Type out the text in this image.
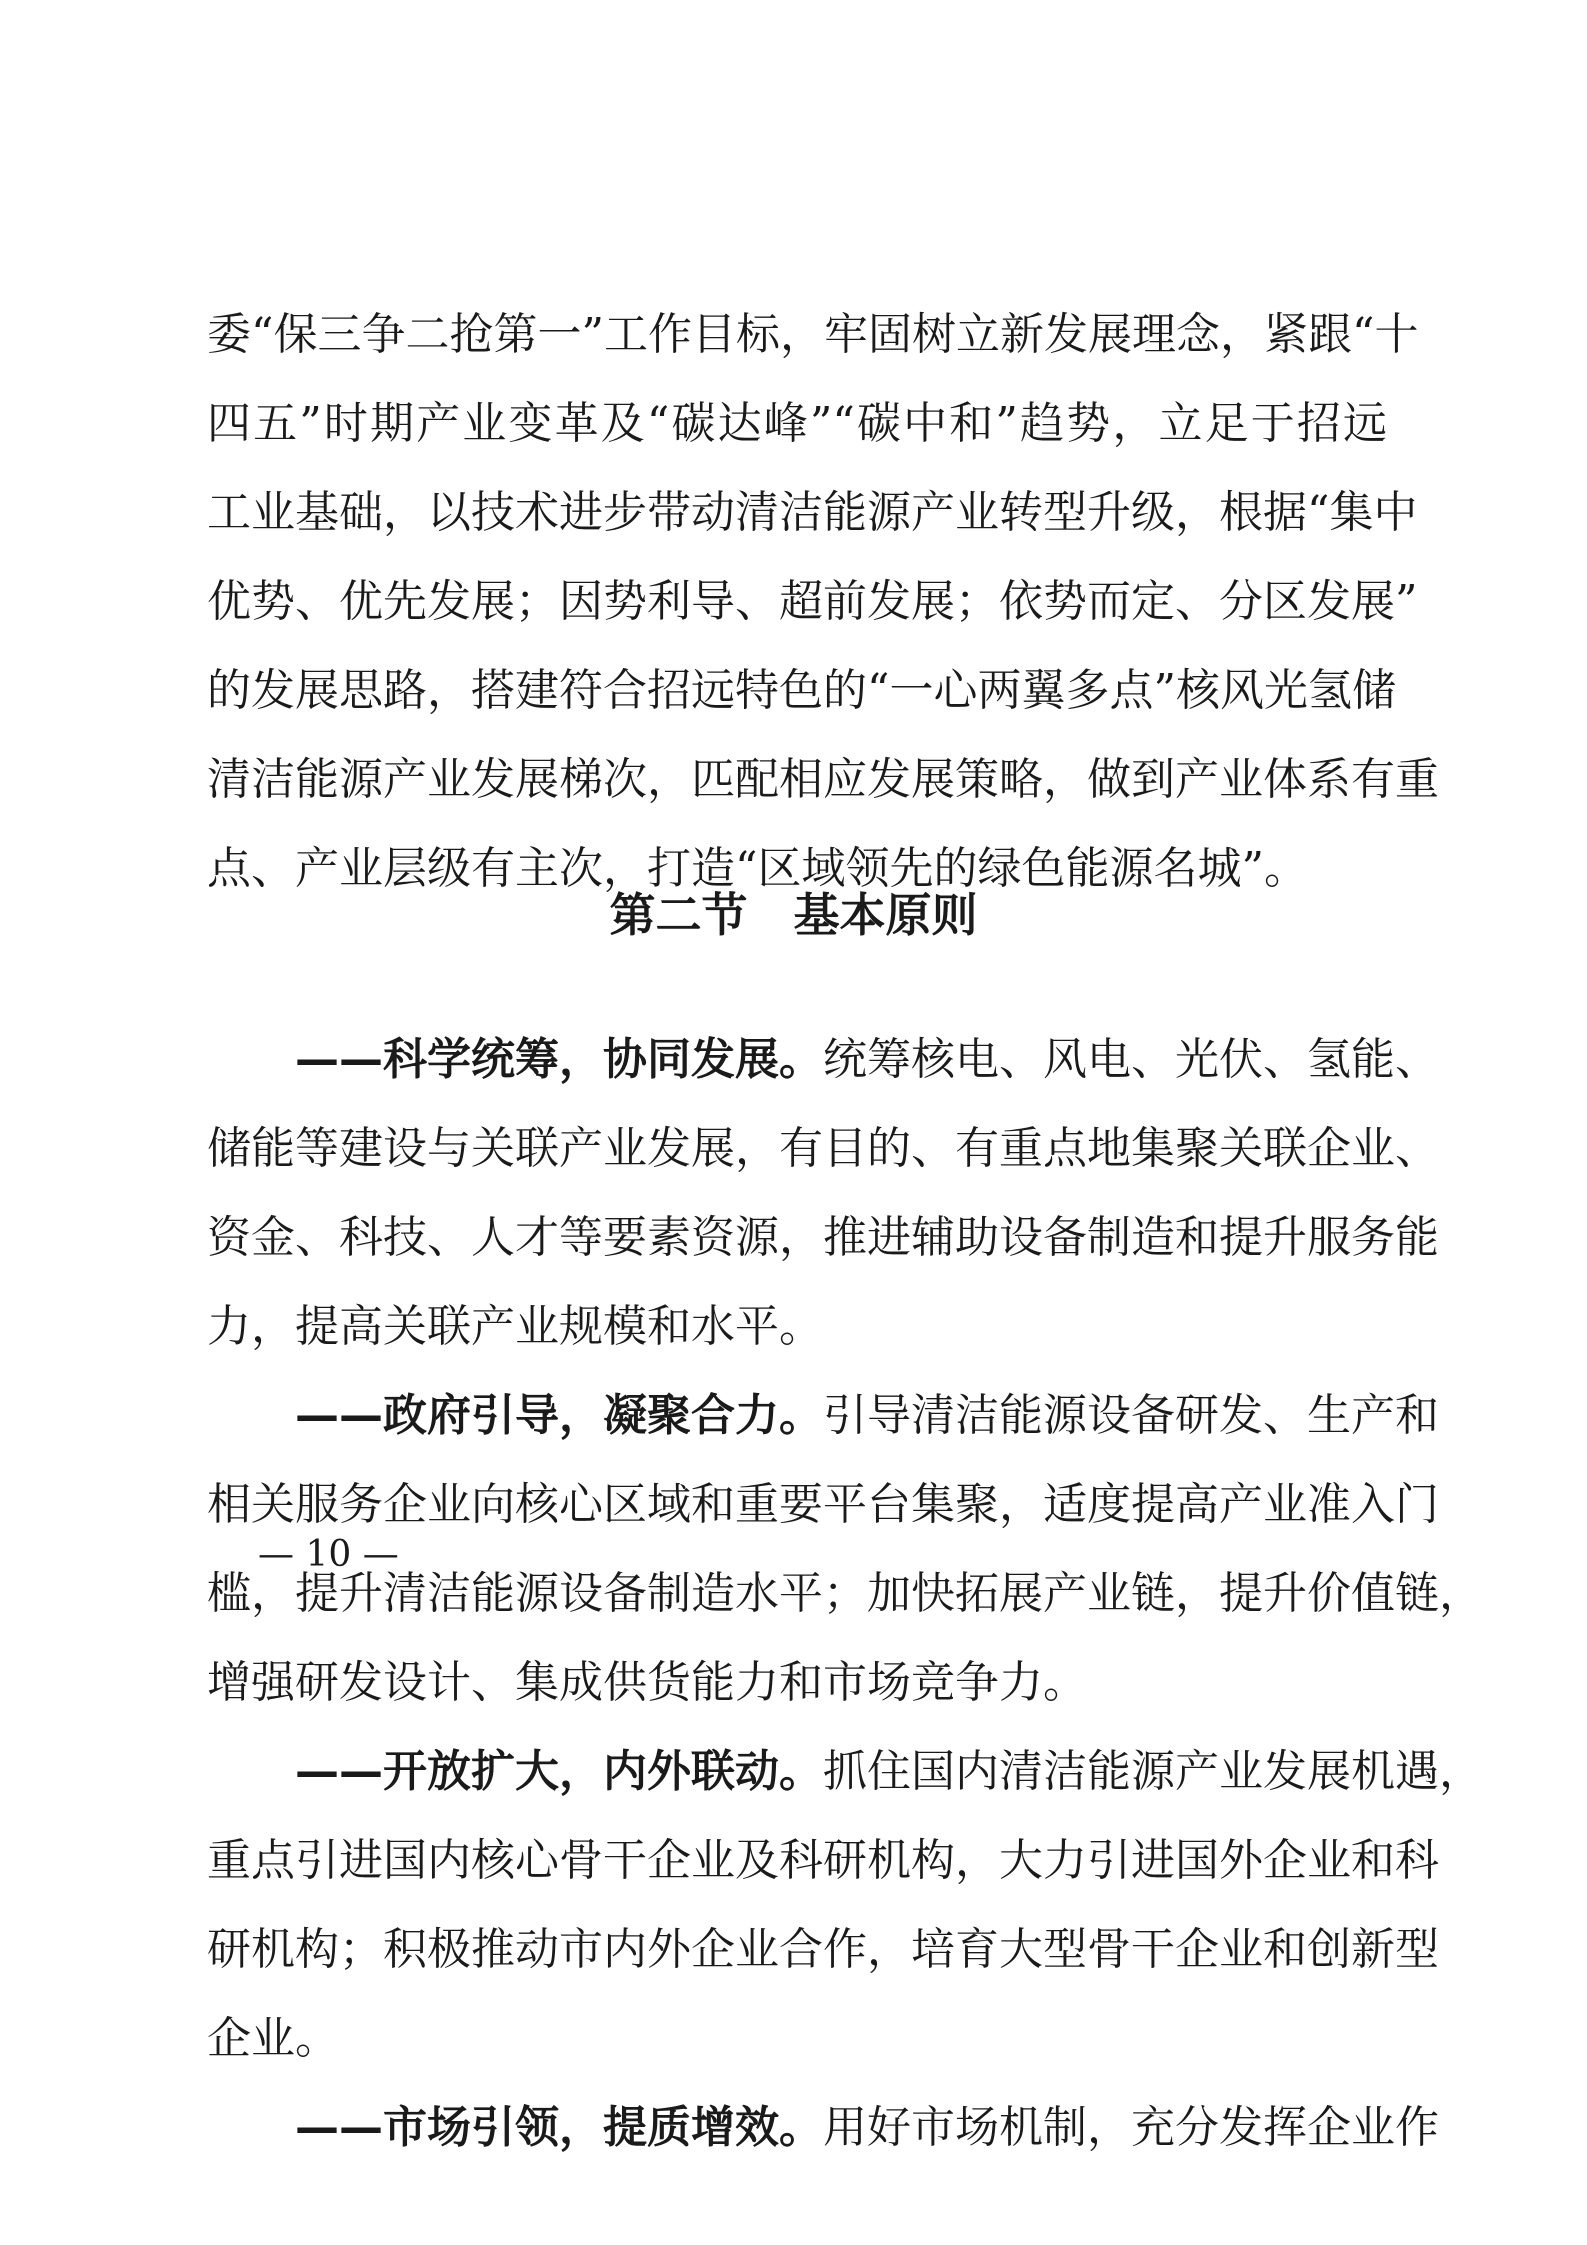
委“保三争二抢第一”工作目标，牢固树立新发展理念，紧跟“十
四五”时期产业变革及“碳达峰”“碳中和”趋势，立足于招远
工业基础，以技术进步带动清洁能源产业转型升级，根据“集中
优势、优先发展；因势利导、超前发展；依势而定、分区发展”
的发展思路，搭建符合招远特色的“一心两翼多点”核风光氢储
清洁能源产业发展梯次，匹配相应发展策略，做到产业体系有重
点、产业层级有主次，打造“区域领先的绿色能源名城”。
第二节　基本原则
——科学统筹，协同发展。统筹核电、风电、光伏、氢能、
储能等建设与关联产业发展，有目的、有重点地集聚关联企业、
资金、科技、人才等要素资源，推进辅助设备制造和提升服务能
力，提高关联产业规模和水平。
——政府引导，凝聚合力。引导清洁能源设备研发、生产和
相关服务企业向核心区域和重要平台集聚，适度提高产业准入门
槛，提升清洁能源设备制造水平；加快拓展产业链，提升价值链，
增强研发设计、集成供货能力和市场竞争力。
——开放扩大，内外联动。抓住国内清洁能源产业发展机遇，
重点引进国内核心骨干企业及科研机构，大力引进国外企业和科
研机构；积极推动市内外企业合作，培育大型骨干企业和创新型
企业。
——市场引领，提质增效。用好市场机制，充分发挥企业作
— 10 —
